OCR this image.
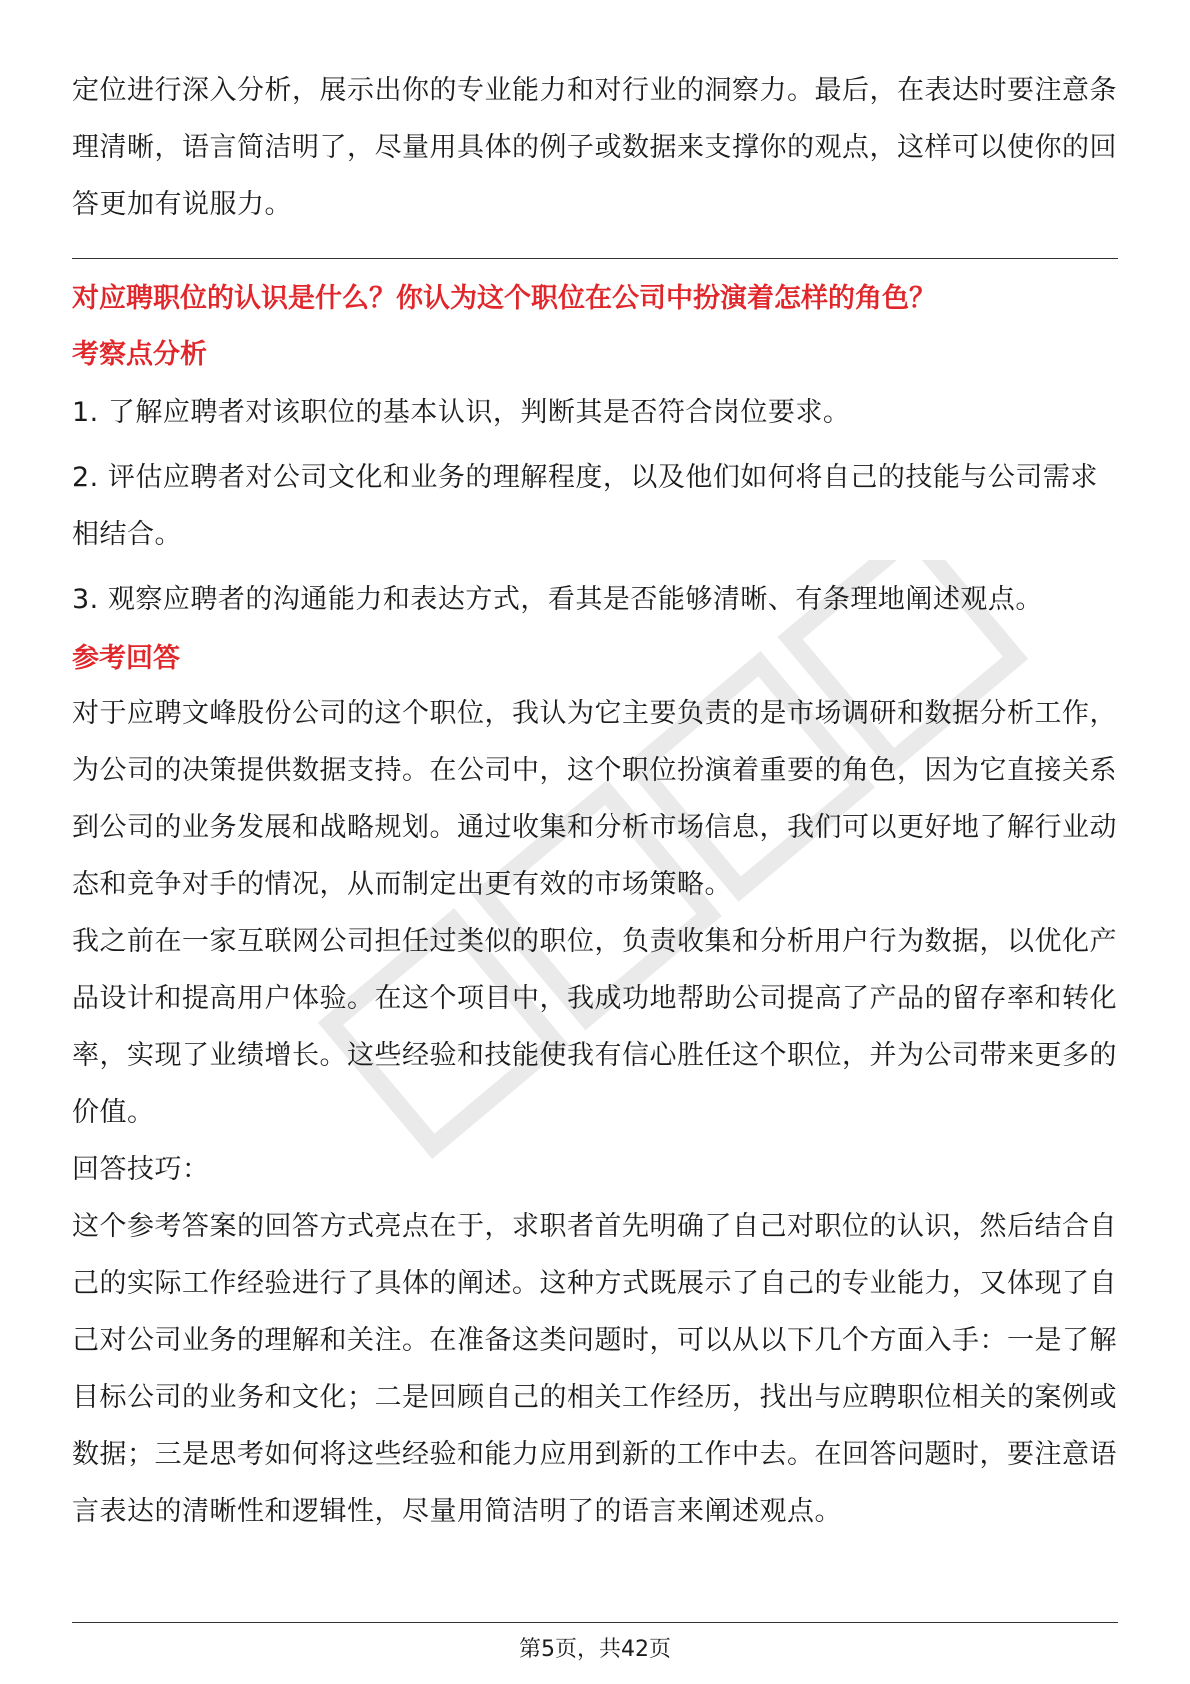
定位进行深入分析，展示出你的专业能力和对行业的洞察力。最后，在表达时要注意条理清晰，语言简洁明了，尽量用具体的例子或数据来支撑你的观点，这样可以使你的回答更加有说服力。

对应聘职位的认识是什么？你认为这个职位在公司中扮演着怎样的角色？

考察点分析

1. 了解应聘者对该职位的基本认识，判断其是否符合岗位要求。

2. 评估应聘者对公司文化和业务的理解程度，以及他们如何将自己的技能与公司需求相结合。

3. 观察应聘者的沟通能力和表达方式，看其是否能够清晰、有条理地阐述观点。

参考回答

对于应聘文峰股份公司的这个职位，我认为它主要负责的是市场调研和数据分析工作，为公司的决策提供数据支持。在公司中，这个职位扮演着重要的角色，因为它直接关系到公司的业务发展和战略规划。通过收集和分析市场信息，我们可以更好地了解行业动态和竞争对手的情况，从而制定出更有效的市场策略。

我之前在一家互联网公司担任过类似的职位，负责收集和分析用户行为数据，以优化产品设计和提高用户体验。在这个项目中，我成功地帮助公司提高了产品的留存率和转化率，实现了业绩增长。这些经验和技能使我有信心胜任这个职位，并为公司带来更多的价值。

回答技巧：

这个参考答案的回答方式亮点在于，求职者首先明确了自己对职位的认识，然后结合自己的实际工作经验进行了具体的阐述。这种方式既展示了自己的专业能力，又体现了自己对公司业务的理解和关注。在准备这类问题时，可以从以下几个方面入手：一是了解目标公司的业务和文化；二是回顾自己的相关工作经历，找出与应聘职位相关的案例或数据；三是思考如何将这些经验和能力应用到新的工作中去。在回答问题时，要注意语言表达的清晰性和逻辑性，尽量用简洁明了的语言来阐述观点。

第5页，共42页
